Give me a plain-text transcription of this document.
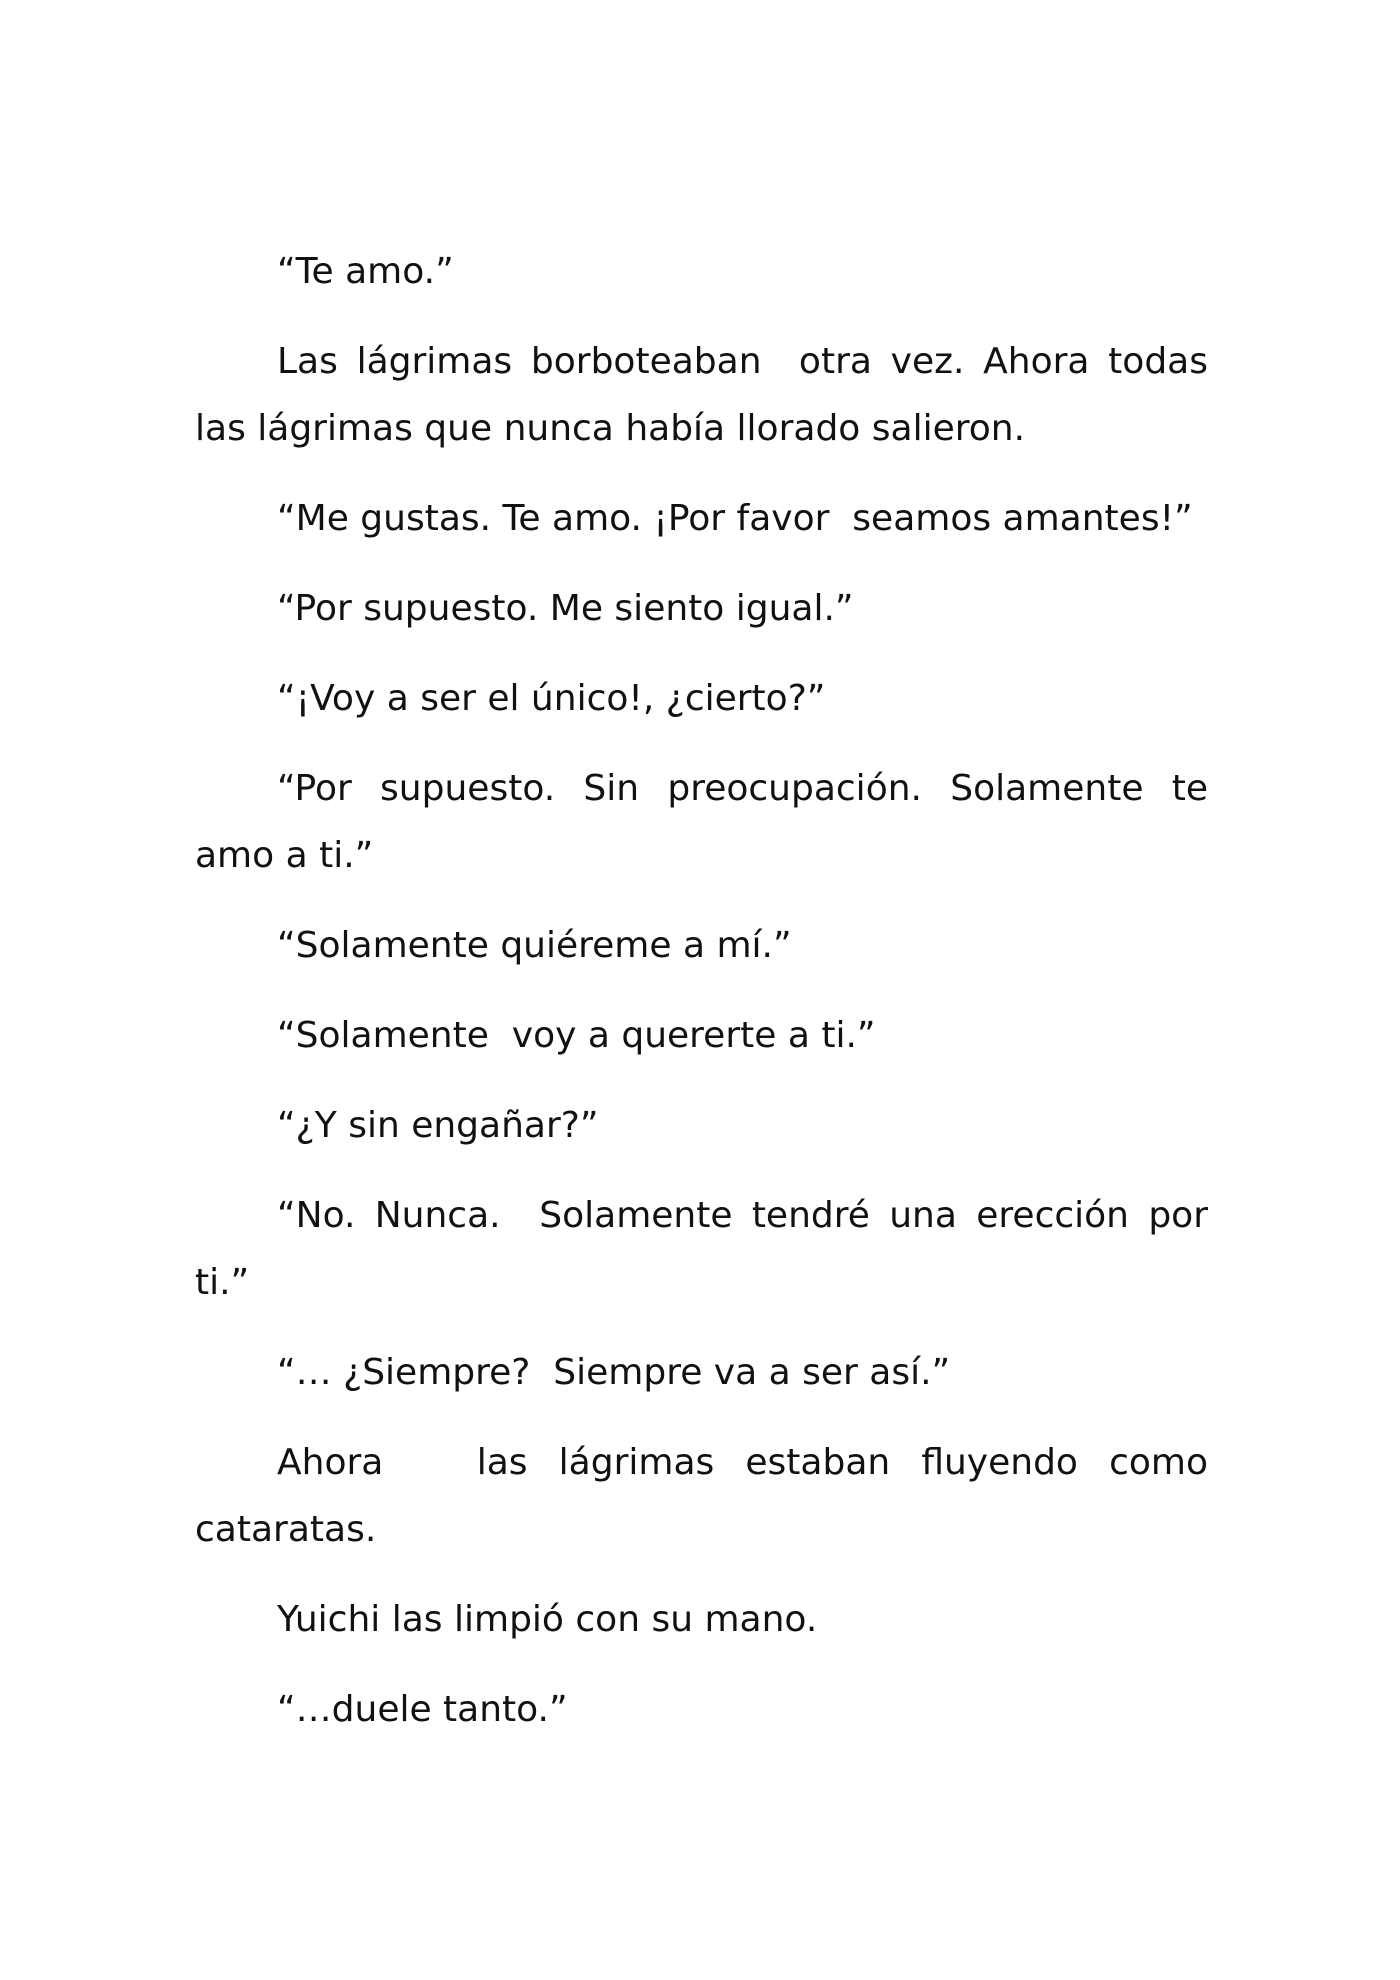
“Te amo.”

Las lágrimas borboteaban  otra vez. Ahora todas las lágrimas que nunca había llorado salieron.

“Me gustas. Te amo. ¡Por favor  seamos amantes!”

“Por supuesto. Me siento igual.”

“¡Voy a ser el único!, ¿cierto?”

“Por supuesto. Sin preocupación. Solamente te amo a ti.”

“Solamente quiéreme a mí.”

“Solamente  voy a quererte a ti.”

“¿Y sin engañar?”

“No. Nunca.  Solamente tendré una erección por ti.”

“… ¿Siempre?  Siempre va a ser así.”

Ahora   las lágrimas estaban fluyendo como cataratas.

Yuichi las limpió con su mano.

“…duele tanto.”
